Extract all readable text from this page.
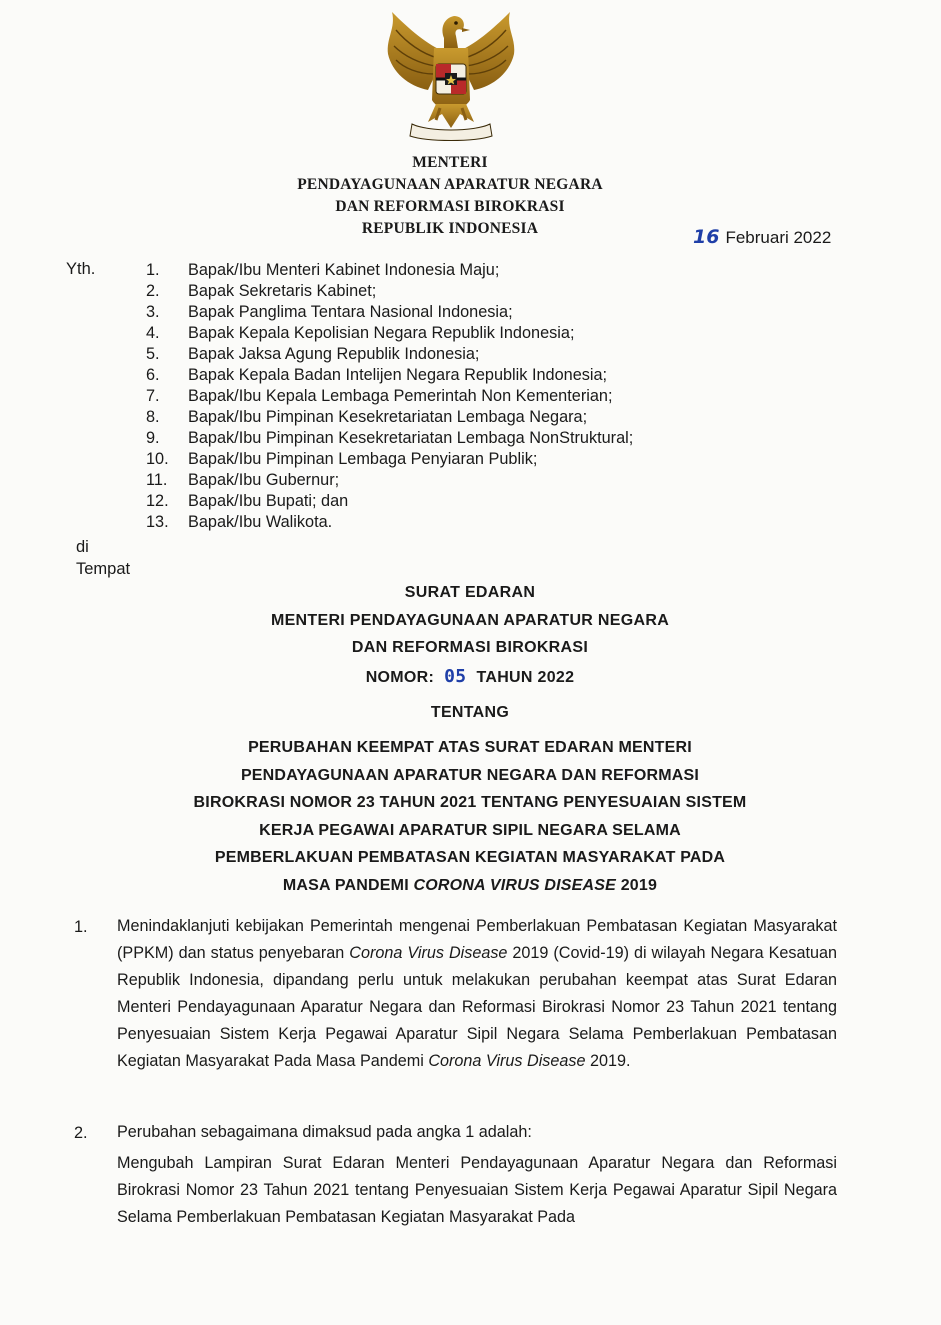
MENTERI
PENDAYAGUNAAN APARATUR NEGARA
DAN REFORMASI BIROKRASI
REPUBLIK INDONESIA	16 Februari 2022
Yth.	1.	Bapak/Ibu Menteri Kabinet Indonesia Maju;
2.	Bapak Sekretaris Kabinet;
3.	Bapak Panglima Tentara Nasional Indonesia;
4.	Bapak Kepala Kepolisian Negara Republik Indonesia;
5.	Bapak Jaksa Agung Republik Indonesia;
6.	Bapak Kepala Badan Intelijen Negara Republik Indonesia;
7.	Bapak/Ibu Kepala Lembaga Pemerintah Non Kementerian;
8.	Bapak/Ibu Pimpinan Kesekretariatan Lembaga Negara;
9.	Bapak/Ibu Pimpinan Kesekretariatan Lembaga NonStruktural;
10.	Bapak/Ibu Pimpinan Lembaga Penyiaran Publik;
11.	Bapak/Ibu Gubernur;
12.	Bapak/Ibu Bupati; dan
13.	Bapak/Ibu Walikota.
di
Tempat
SURAT EDARAN
MENTERI PENDAYAGUNAAN APARATUR NEGARA
DAN REFORMASI BIROKRASI
NOMOR: 05 TAHUN 2022
TENTANG
PERUBAHAN KEEMPAT ATAS SURAT EDARAN MENTERI
PENDAYAGUNAAN APARATUR NEGARA DAN REFORMASI
BIROKRASI NOMOR 23 TAHUN 2021 TENTANG PENYESUAIAN SISTEM
KERJA PEGAWAI APARATUR SIPIL NEGARA SELAMA
PEMBERLAKUAN PEMBATASAN KEGIATAN MASYARAKAT PADA
MASA PANDEMI CORONA VIRUS DISEASE 2019
1. Menindaklanjuti kebijakan Pemerintah mengenai Pemberlakuan Pembatasan Kegiatan Masyarakat (PPKM) dan status penyebaran Corona Virus Disease 2019 (Covid-19) di wilayah Negara Kesatuan Republik Indonesia, dipandang perlu untuk melakukan perubahan keempat atas Surat Edaran Menteri Pendayagunaan Aparatur Negara dan Reformasi Birokrasi Nomor 23 Tahun 2021 tentang Penyesuaian Sistem Kerja Pegawai Aparatur Sipil Negara Selama Pemberlakuan Pembatasan Kegiatan Masyarakat Pada Masa Pandemi Corona Virus Disease 2019.

2. Perubahan sebagaimana dimaksud pada angka 1 adalah:

Mengubah Lampiran Surat Edaran Menteri Pendayagunaan Aparatur Negara dan Reformasi Birokrasi Nomor 23 Tahun 2021 tentang Penyesuaian Sistem Kerja Pegawai Aparatur Sipil Negara Selama Pemberlakuan Pembatasan Kegiatan Masyarakat Pada
